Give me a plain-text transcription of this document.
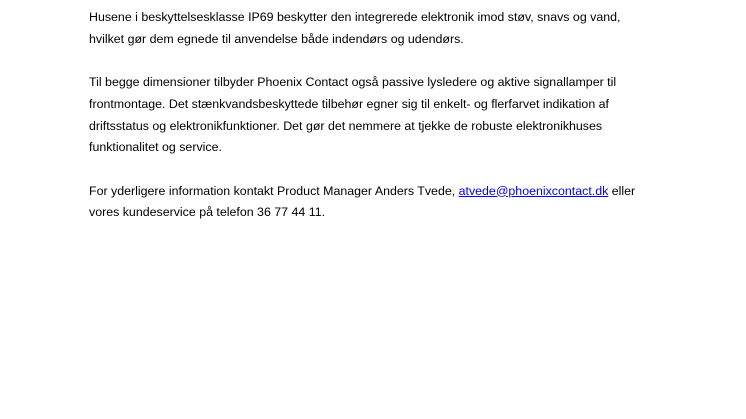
Husene i beskyttelsesklasse IP69 beskytter den integrerede elektronik imod støv, snavs og vand,
hvilket gør dem egnede til anvendelse både indendørs og udendørs.

Til begge dimensioner tilbyder Phoenix Contact også passive lysledere og aktive signallamper til
frontmontage. Det stænkvandsbeskyttede tilbehør egner sig til enkelt- og flerfarvet indikation af
driftsstatus og elektronikfunktioner. Det gør det nemmere at tjekke de robuste elektronikhuses
funktionalitet og service.

For yderligere information kontakt Product Manager Anders Tvede, atvede@phoenixcontact.dk eller
vores kundeservice på telefon 36 77 44 11.
